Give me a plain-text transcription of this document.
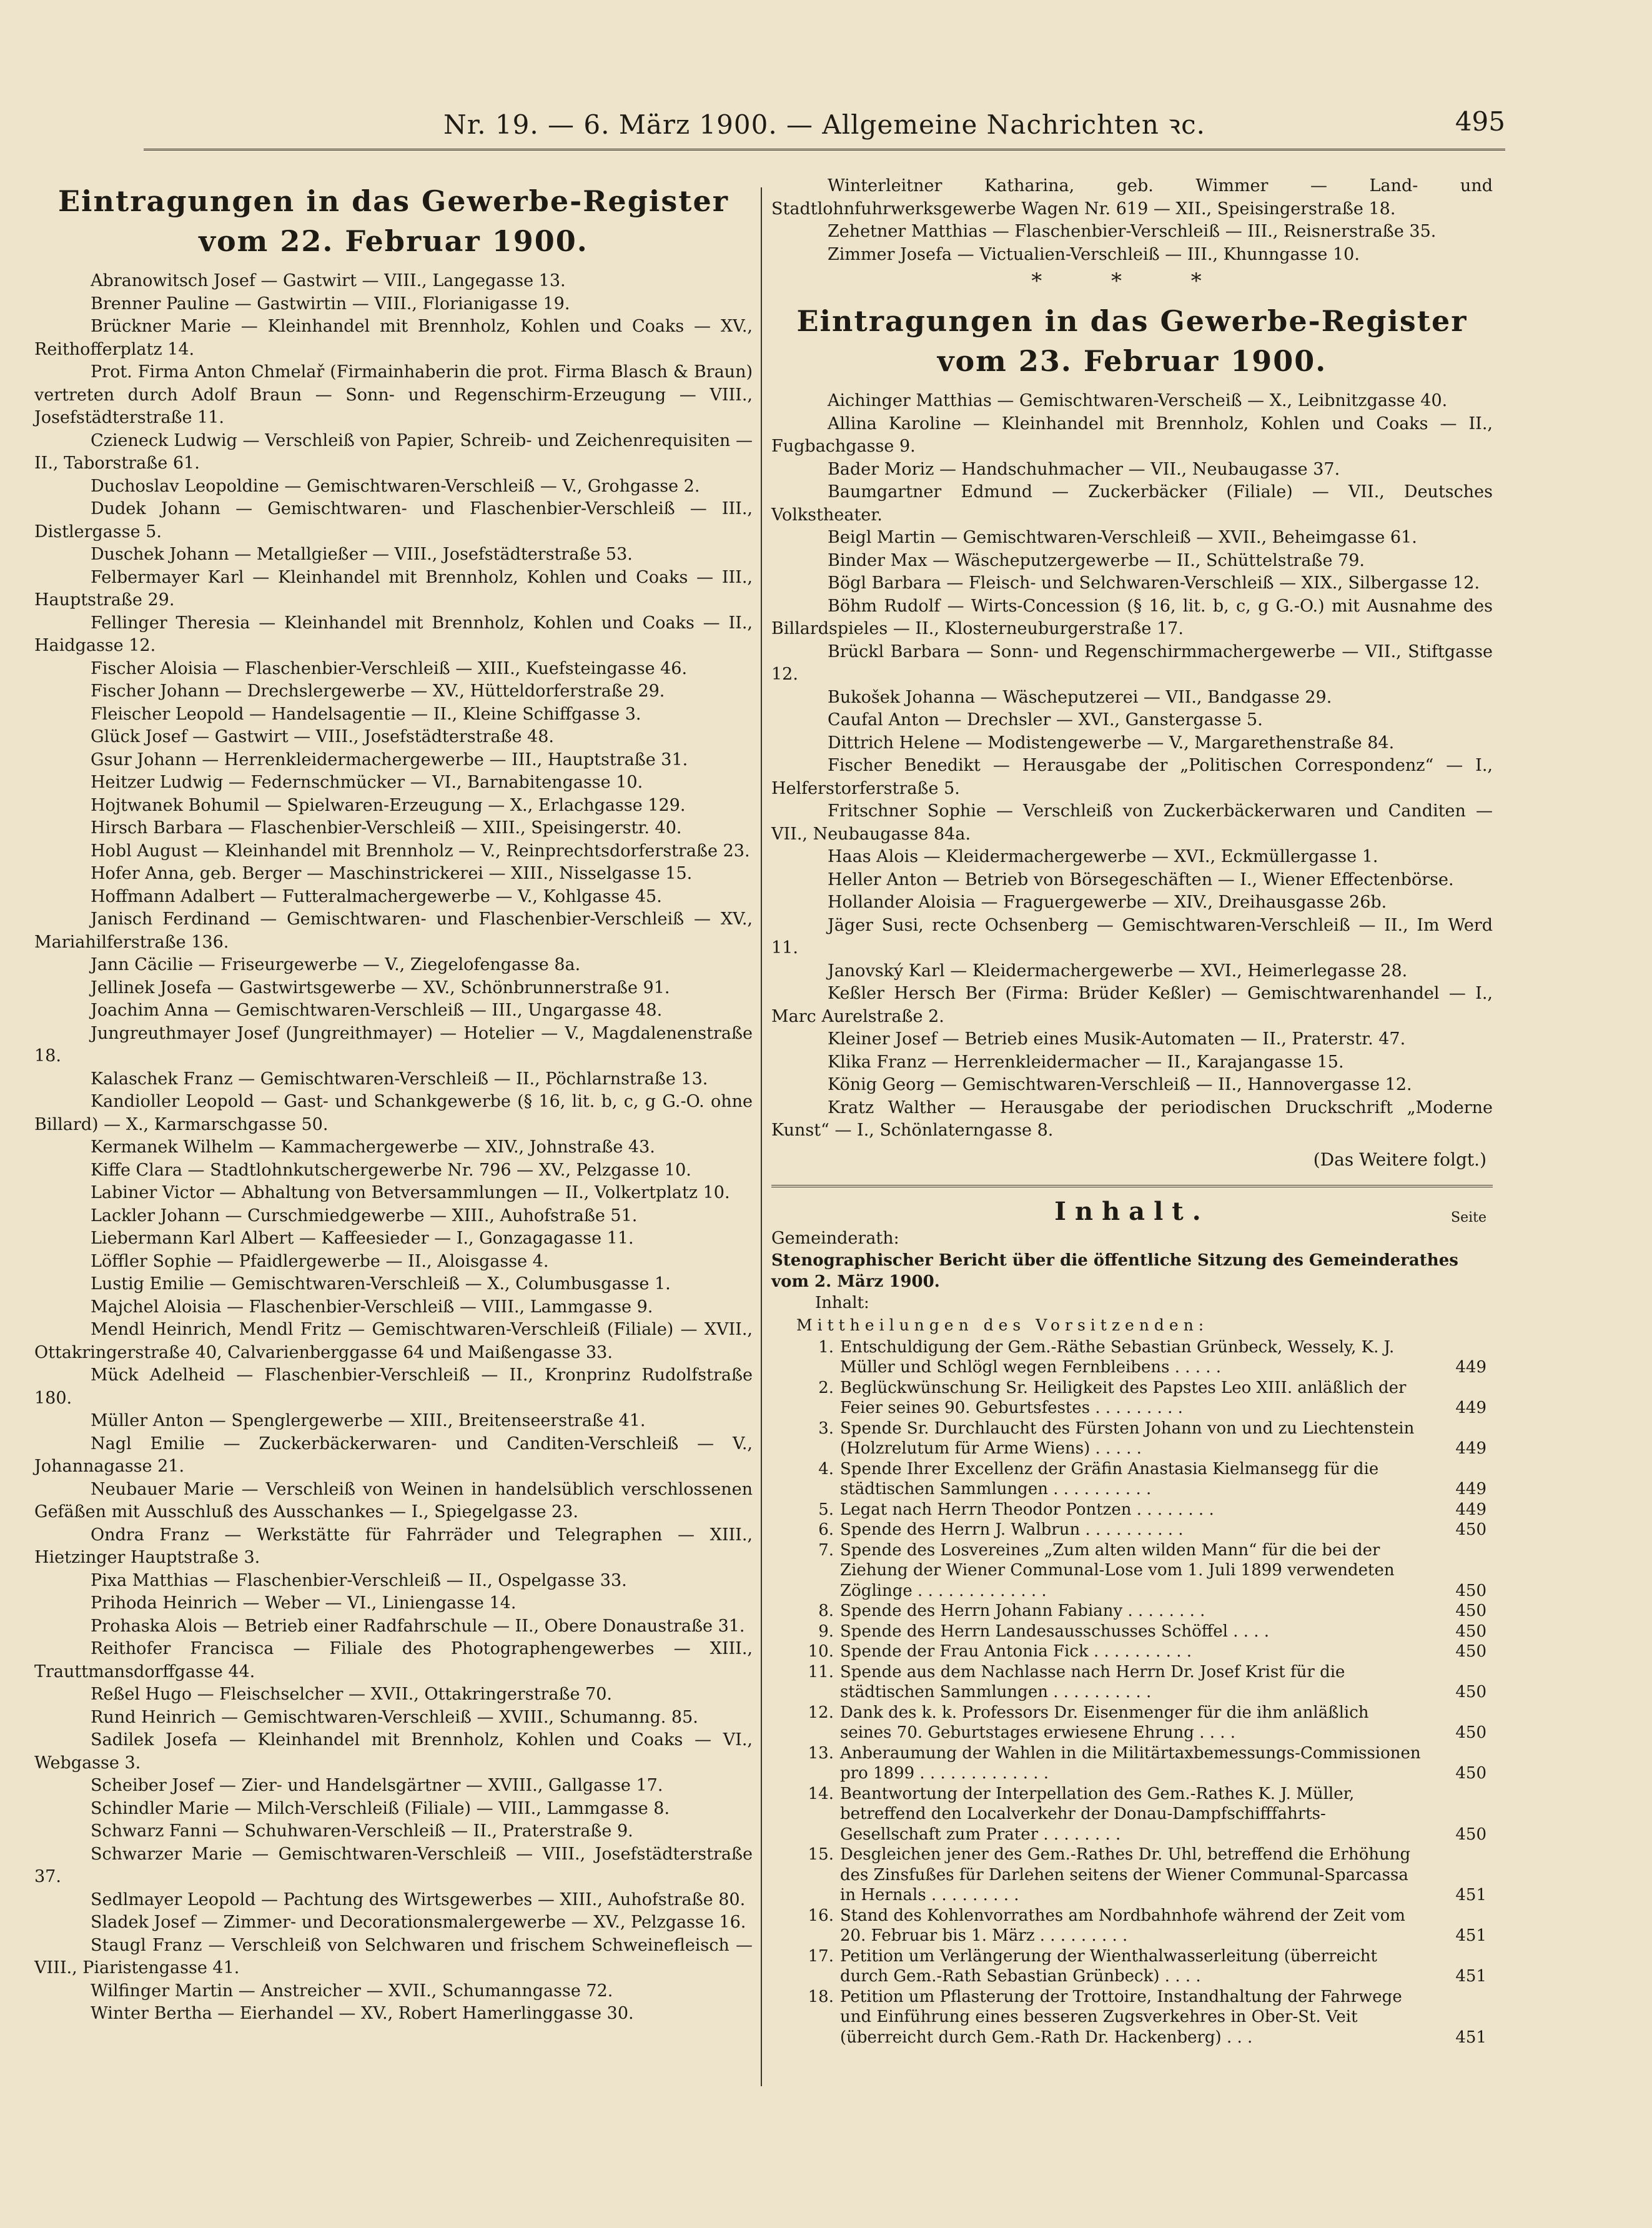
Nr. 19. — 6. März 1900. — Allgemeine Nachrichten ꝛc.	495
Eintragungen in das Gewerbe-Register
vom 22. Februar 1900.

Abranowitsch Josef — Gastwirt — VIII., Langegasse 13.

Brenner Pauline — Gastwirtin — VIII., Florianigasse 19.

Brückner Marie — Kleinhandel mit Brennholz, Kohlen und Coaks — XV., Reithofferplatz 14.

Prot. Firma Anton Chmelař (Firmainhaberin die prot. Firma Blasch & Braun) vertreten durch Adolf Braun — Sonn- und Regenschirm-Erzeugung — VIII., Josefstädterstraße 11.

Czieneck Ludwig — Verschleiß von Papier, Schreib- und Zeichenrequisiten — II., Taborstraße 61.

Duchoslav Leopoldine — Gemischtwaren-Verschleiß — V., Grohgasse 2.

Dudek Johann — Gemischtwaren- und Flaschenbier-Verschleiß — III., Distlergasse 5.

Duschek Johann — Metallgießer — VIII., Josefstädterstraße 53.

Felbermayer Karl — Kleinhandel mit Brennholz, Kohlen und Coaks — III., Hauptstraße 29.

Fellinger Theresia — Kleinhandel mit Brennholz, Kohlen und Coaks — II., Haidgasse 12.

Fischer Aloisia — Flaschenbier-Verschleiß — XIII., Kuefsteingasse 46.

Fischer Johann — Drechslergewerbe — XV., Hütteldorferstraße 29.

Fleischer Leopold — Handelsagentie — II., Kleine Schiffgasse 3.

Glück Josef — Gastwirt — VIII., Josefstädterstraße 48.

Gsur Johann — Herrenkleidermachergewerbe — III., Hauptstraße 31.

Heitzer Ludwig — Federnschmücker — VI., Barnabitengasse 10.

Hojtwanek Bohumil — Spielwaren-Erzeugung — X., Erlachgasse 129.

Hirsch Barbara — Flaschenbier-Verschleiß — XIII., Speisingerstr. 40.

Hobl August — Kleinhandel mit Brennholz — V., Reinprechtsdorferstraße 23.

Hofer Anna, geb. Berger — Maschinstrickerei — XIII., Nisselgasse 15.

Hoffmann Adalbert — Futteralmachergewerbe — V., Kohlgasse 45.

Janisch Ferdinand — Gemischtwaren- und Flaschenbier-Verschleiß — XV., Mariahilferstraße 136.

Jann Cäcilie — Friseurgewerbe — V., Ziegelofengasse 8a.

Jellinek Josefa — Gastwirtsgewerbe — XV., Schönbrunnerstraße 91.

Joachim Anna — Gemischtwaren-Verschleiß — III., Ungargasse 48.

Jungreuthmayer Josef (Jungreithmayer) — Hotelier — V., Magdalenenstraße 18.

Kalaschek Franz — Gemischtwaren-Verschleiß — II., Pöchlarnstraße 13.

Kandioller Leopold — Gast- und Schankgewerbe (§ 16, lit. b, c, g G.-O. ohne Billard) — X., Karmarschgasse 50.

Kermanek Wilhelm — Kammachergewerbe — XIV., Johnstraße 43.

Kiffe Clara — Stadtlohnkutschergewerbe Nr. 796 — XV., Pelzgasse 10.

Labiner Victor — Abhaltung von Betversammlungen — II., Volkertplatz 10.

Lackler Johann — Curschmiedgewerbe — XIII., Auhofstraße 51.

Liebermann Karl Albert — Kaffeesieder — I., Gonzagagasse 11.

Löffler Sophie — Pfaidlergewerbe — II., Aloisgasse 4.

Lustig Emilie — Gemischtwaren-Verschleiß — X., Columbusgasse 1.

Majchel Aloisia — Flaschenbier-Verschleiß — VIII., Lammgasse 9.

Mendl Heinrich, Mendl Fritz — Gemischtwaren-Verschleiß (Filiale) — XVII., Ottakringerstraße 40, Calvarienberggasse 64 und Maißengasse 33.

Mück Adelheid — Flaschenbier-Verschleiß — II., Kronprinz Rudolfstraße 180.

Müller Anton — Spenglergewerbe — XIII., Breitenseerstraße 41.

Nagl Emilie — Zuckerbäckerwaren- und Canditen-Verschleiß — V., Johannagasse 21.

Neubauer Marie — Verschleiß von Weinen in handelsüblich verschlossenen Gefäßen mit Ausschluß des Ausschankes — I., Spiegelgasse 23.

Ondra Franz — Werkstätte für Fahrräder und Telegraphen — XIII., Hietzinger Hauptstraße 3.

Pixa Matthias — Flaschenbier-Verschleiß — II., Ospelgasse 33.

Prihoda Heinrich — Weber — VI., Liniengasse 14.

Prohaska Alois — Betrieb einer Radfahrschule — II., Obere Donaustraße 31.

Reithofer Francisca — Filiale des Photographengewerbes — XIII., Trauttmansdorffgasse 44.

Reßel Hugo — Fleischselcher — XVII., Ottakringerstraße 70.

Rund Heinrich — Gemischtwaren-Verschleiß — XVIII., Schumanng. 85.

Sadilek Josefa — Kleinhandel mit Brennholz, Kohlen und Coaks — VI., Webgasse 3.

Scheiber Josef — Zier- und Handelsgärtner — XVIII., Gallgasse 17.

Schindler Marie — Milch-Verschleiß (Filiale) — VIII., Lammgasse 8.

Schwarz Fanni — Schuhwaren-Verschleiß — II., Praterstraße 9.

Schwarzer Marie — Gemischtwaren-Verschleiß — VIII., Josefstädterstraße 37.

Sedlmayer Leopold — Pachtung des Wirtsgewerbes — XIII., Auhofstraße 80.

Sladek Josef — Zimmer- und Decorationsmalergewerbe — XV., Pelzgasse 16.

Staugl Franz — Verschleiß von Selchwaren und frischem Schweinefleisch — VIII., Piaristengasse 41.

Wilfinger Martin — Anstreicher — XVII., Schumanngasse 72.

Winter Bertha — Eierhandel — XV., Robert Hamerlinggasse 30.

Winterleitner Katharina, geb. Wimmer — Land- und Stadtlohnfuhrwerksgewerbe Wagen Nr. 619 — XII., Speisingerstraße 18.

Zehetner Matthias — Flaschenbier-Verschleiß — III., Reisnerstraße 35.

Zimmer Josefa — Victualien-Verschleiß — III., Khunngasse 10.

* * *
Eintragungen in das Gewerbe-Register
vom 23. Februar 1900.

Aichinger Matthias — Gemischtwaren-Verscheiß — X., Leibnitzgasse 40.

Allina Karoline — Kleinhandel mit Brennholz, Kohlen und Coaks — II., Fugbachgasse 9.

Bader Moriz — Handschuhmacher — VII., Neubaugasse 37.

Baumgartner Edmund — Zuckerbäcker (Filiale) — VII., Deutsches Volkstheater.

Beigl Martin — Gemischtwaren-Verschleiß — XVII., Beheimgasse 61.

Binder Max — Wäscheputzergewerbe — II., Schüttelstraße 79.

Bögl Barbara — Fleisch- und Selchwaren-Verschleiß — XIX., Silbergasse 12.

Böhm Rudolf — Wirts-Concession (§ 16, lit. b, c, g G.-O.) mit Ausnahme des Billardspieles — II., Klosterneuburgerstraße 17.

Brückl Barbara — Sonn- und Regenschirmmachergewerbe — VII., Stiftgasse 12.

Bukošek Johanna — Wäscheputzerei — VII., Bandgasse 29.

Caufal Anton — Drechsler — XVI., Ganstergasse 5.

Dittrich Helene — Modistengewerbe — V., Margarethenstraße 84.

Fischer Benedikt — Herausgabe der „Politischen Correspondenz“ — I., Helferstorferstraße 5.

Fritschner Sophie — Verschleiß von Zuckerbäckerwaren und Canditen — VII., Neubaugasse 84a.

Haas Alois — Kleidermachergewerbe — XVI., Eckmüllergasse 1.

Heller Anton — Betrieb von Börsegeschäften — I., Wiener Effectenbörse.

Hollander Aloisia — Fraguergewerbe — XIV., Dreihausgasse 26b.

Jäger Susi, recte Ochsenberg — Gemischtwaren-Verschleiß — II., Im Werd 11.

Janovský Karl — Kleidermachergewerbe — XVI., Heimerlegasse 28.

Keßler Hersch Ber (Firma: Brüder Keßler) — Gemischtwarenhandel — I., Marc Aurelstraße 2.

Kleiner Josef — Betrieb eines Musik-Automaten — II., Praterstr. 47.

Klika Franz — Herrenkleidermacher — II., Karajangasse 15.

König Georg — Gemischtwaren-Verschleiß — II., Hannovergasse 12.

Kratz Walther — Herausgabe der periodischen Druckschrift „Moderne Kunst“ — I., Schönlaterngasse 8.

(Das Weitere folgt.)
Inhalt.	Seite

Gemeinderath:

Stenographischer Bericht über die öffentliche Sitzung des Gemeinderathes vom 2. März 1900.

Inhalt:

Mittheilungen des Vorsitzenden:

1. Entschuldigung der Gem.-Räthe Sebastian Grünbeck, Wessely, K. J. Müller und Schlögl wegen Fernbleibens . . . . .	449
2. Beglückwünschung Sr. Heiligkeit des Papstes Leo XIII. anläßlich der Feier seines 90. Geburtsfestes . . . . . . . . .	449
3. Spende Sr. Durchlaucht des Fürsten Johann von und zu Liechtenstein (Holzrelutum für Arme Wiens) . . . . .	449
4. Spende Ihrer Excellenz der Gräfin Anastasia Kielmansegg für die städtischen Sammlungen . . . . . . . . . .	449
5. Legat nach Herrn Theodor Pontzen . . . . . . . .	449
6. Spende des Herrn J. Walbrun . . . . . . . . . .	450
7. Spende des Losvereines „Zum alten wilden Mann“ für die bei der Ziehung der Wiener Communal-Lose vom 1. Juli 1899 verwendeten Zöglinge . . . . . . . . . . . . .	450
8. Spende des Herrn Johann Fabiany . . . . . . . .	450
9. Spende des Herrn Landesausschusses Schöffel . . . .	450
10. Spende der Frau Antonia Fick . . . . . . . . . .	450
11. Spende aus dem Nachlasse nach Herrn Dr. Josef Krist für die städtischen Sammlungen . . . . . . . . . .	450
12. Dank des k. k. Professors Dr. Eisenmenger für die ihm anläßlich seines 70. Geburtstages erwiesene Ehrung . . . .	450
13. Anberaumung der Wahlen in die Militärtaxbemessungs-Commissionen pro 1899 . . . . . . . . . . . . .	450
14. Beantwortung der Interpellation des Gem.-Rathes K. J. Müller, betreffend den Localverkehr der Donau-Dampfschifffahrts-Gesellschaft zum Prater . . . . . . . .	450
15. Desgleichen jener des Gem.-Rathes Dr. Uhl, betreffend die Erhöhung des Zinsfußes für Darlehen seitens der Wiener Communal-Sparcassa in Hernals . . . . . . . . .	451
16. Stand des Kohlenvorrathes am Nordbahnhofe während der Zeit vom 20. Februar bis 1. März . . . . . . . . .	451
17. Petition um Verlängerung der Wienthalwasserleitung (überreicht durch Gem.-Rath Sebastian Grünbeck) . . . .	451
18. Petition um Pflasterung der Trottoire, Instandhaltung der Fahrwege und Einführung eines besseren Zugsverkehres in Ober-St. Veit (überreicht durch Gem.-Rath Dr. Hackenberg) . . .	451
